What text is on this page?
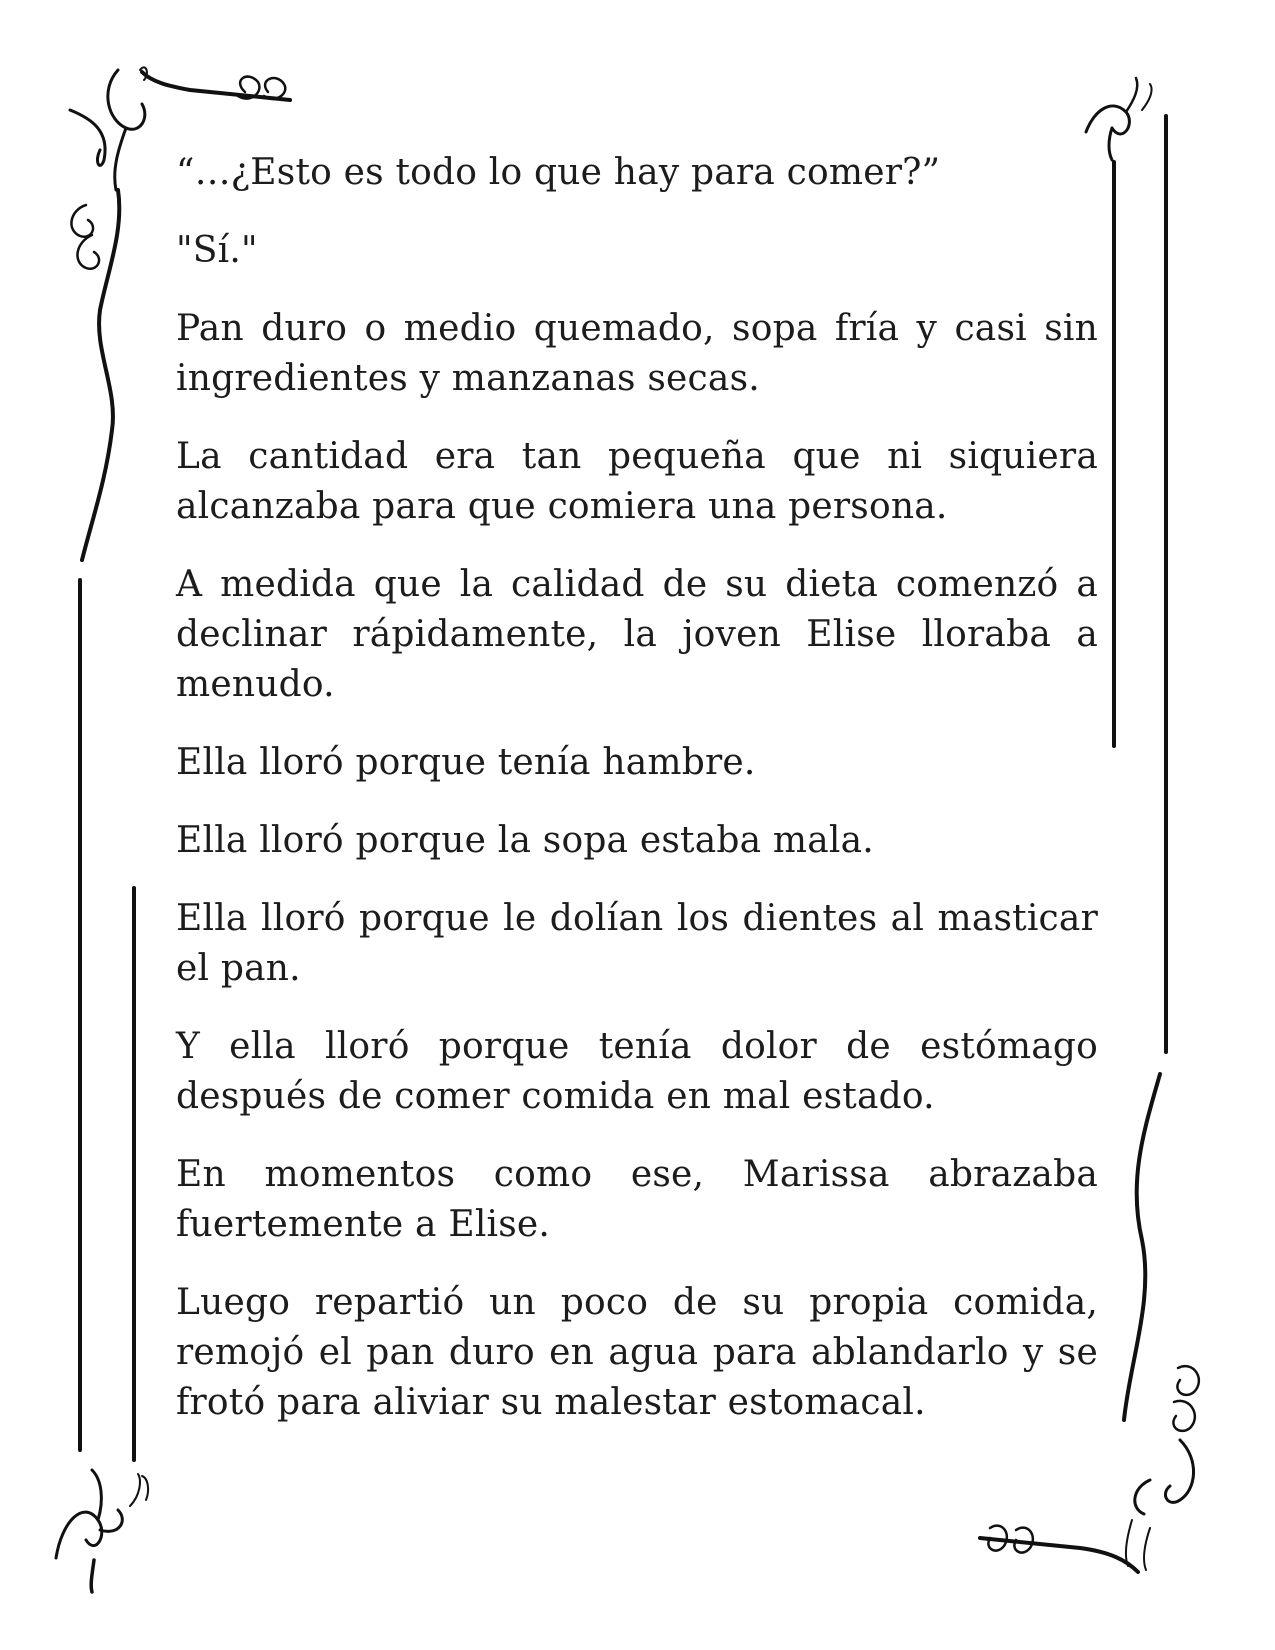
“…¿Esto es todo lo que hay para comer?”

"Sí."

Pan duro o medio quemado, sopa fría y casi sin ingredientes y manzanas secas.

La cantidad era tan pequeña que ni siquiera alcanzaba para que comiera una persona.

A medida que la calidad de su dieta comenzó a declinar rápidamente, la joven Elise lloraba a menudo.

Ella lloró porque tenía hambre.

Ella lloró porque la sopa estaba mala.

Ella lloró porque le dolían los dientes al masticar el pan.

Y ella lloró porque tenía dolor de estómago después de comer comida en mal estado.

En momentos como ese, Marissa abrazaba fuertemente a Elise.

Luego repartió un poco de su propia comida, remojó el pan duro en agua para ablandarlo y se frotó para aliviar su malestar estomacal.
